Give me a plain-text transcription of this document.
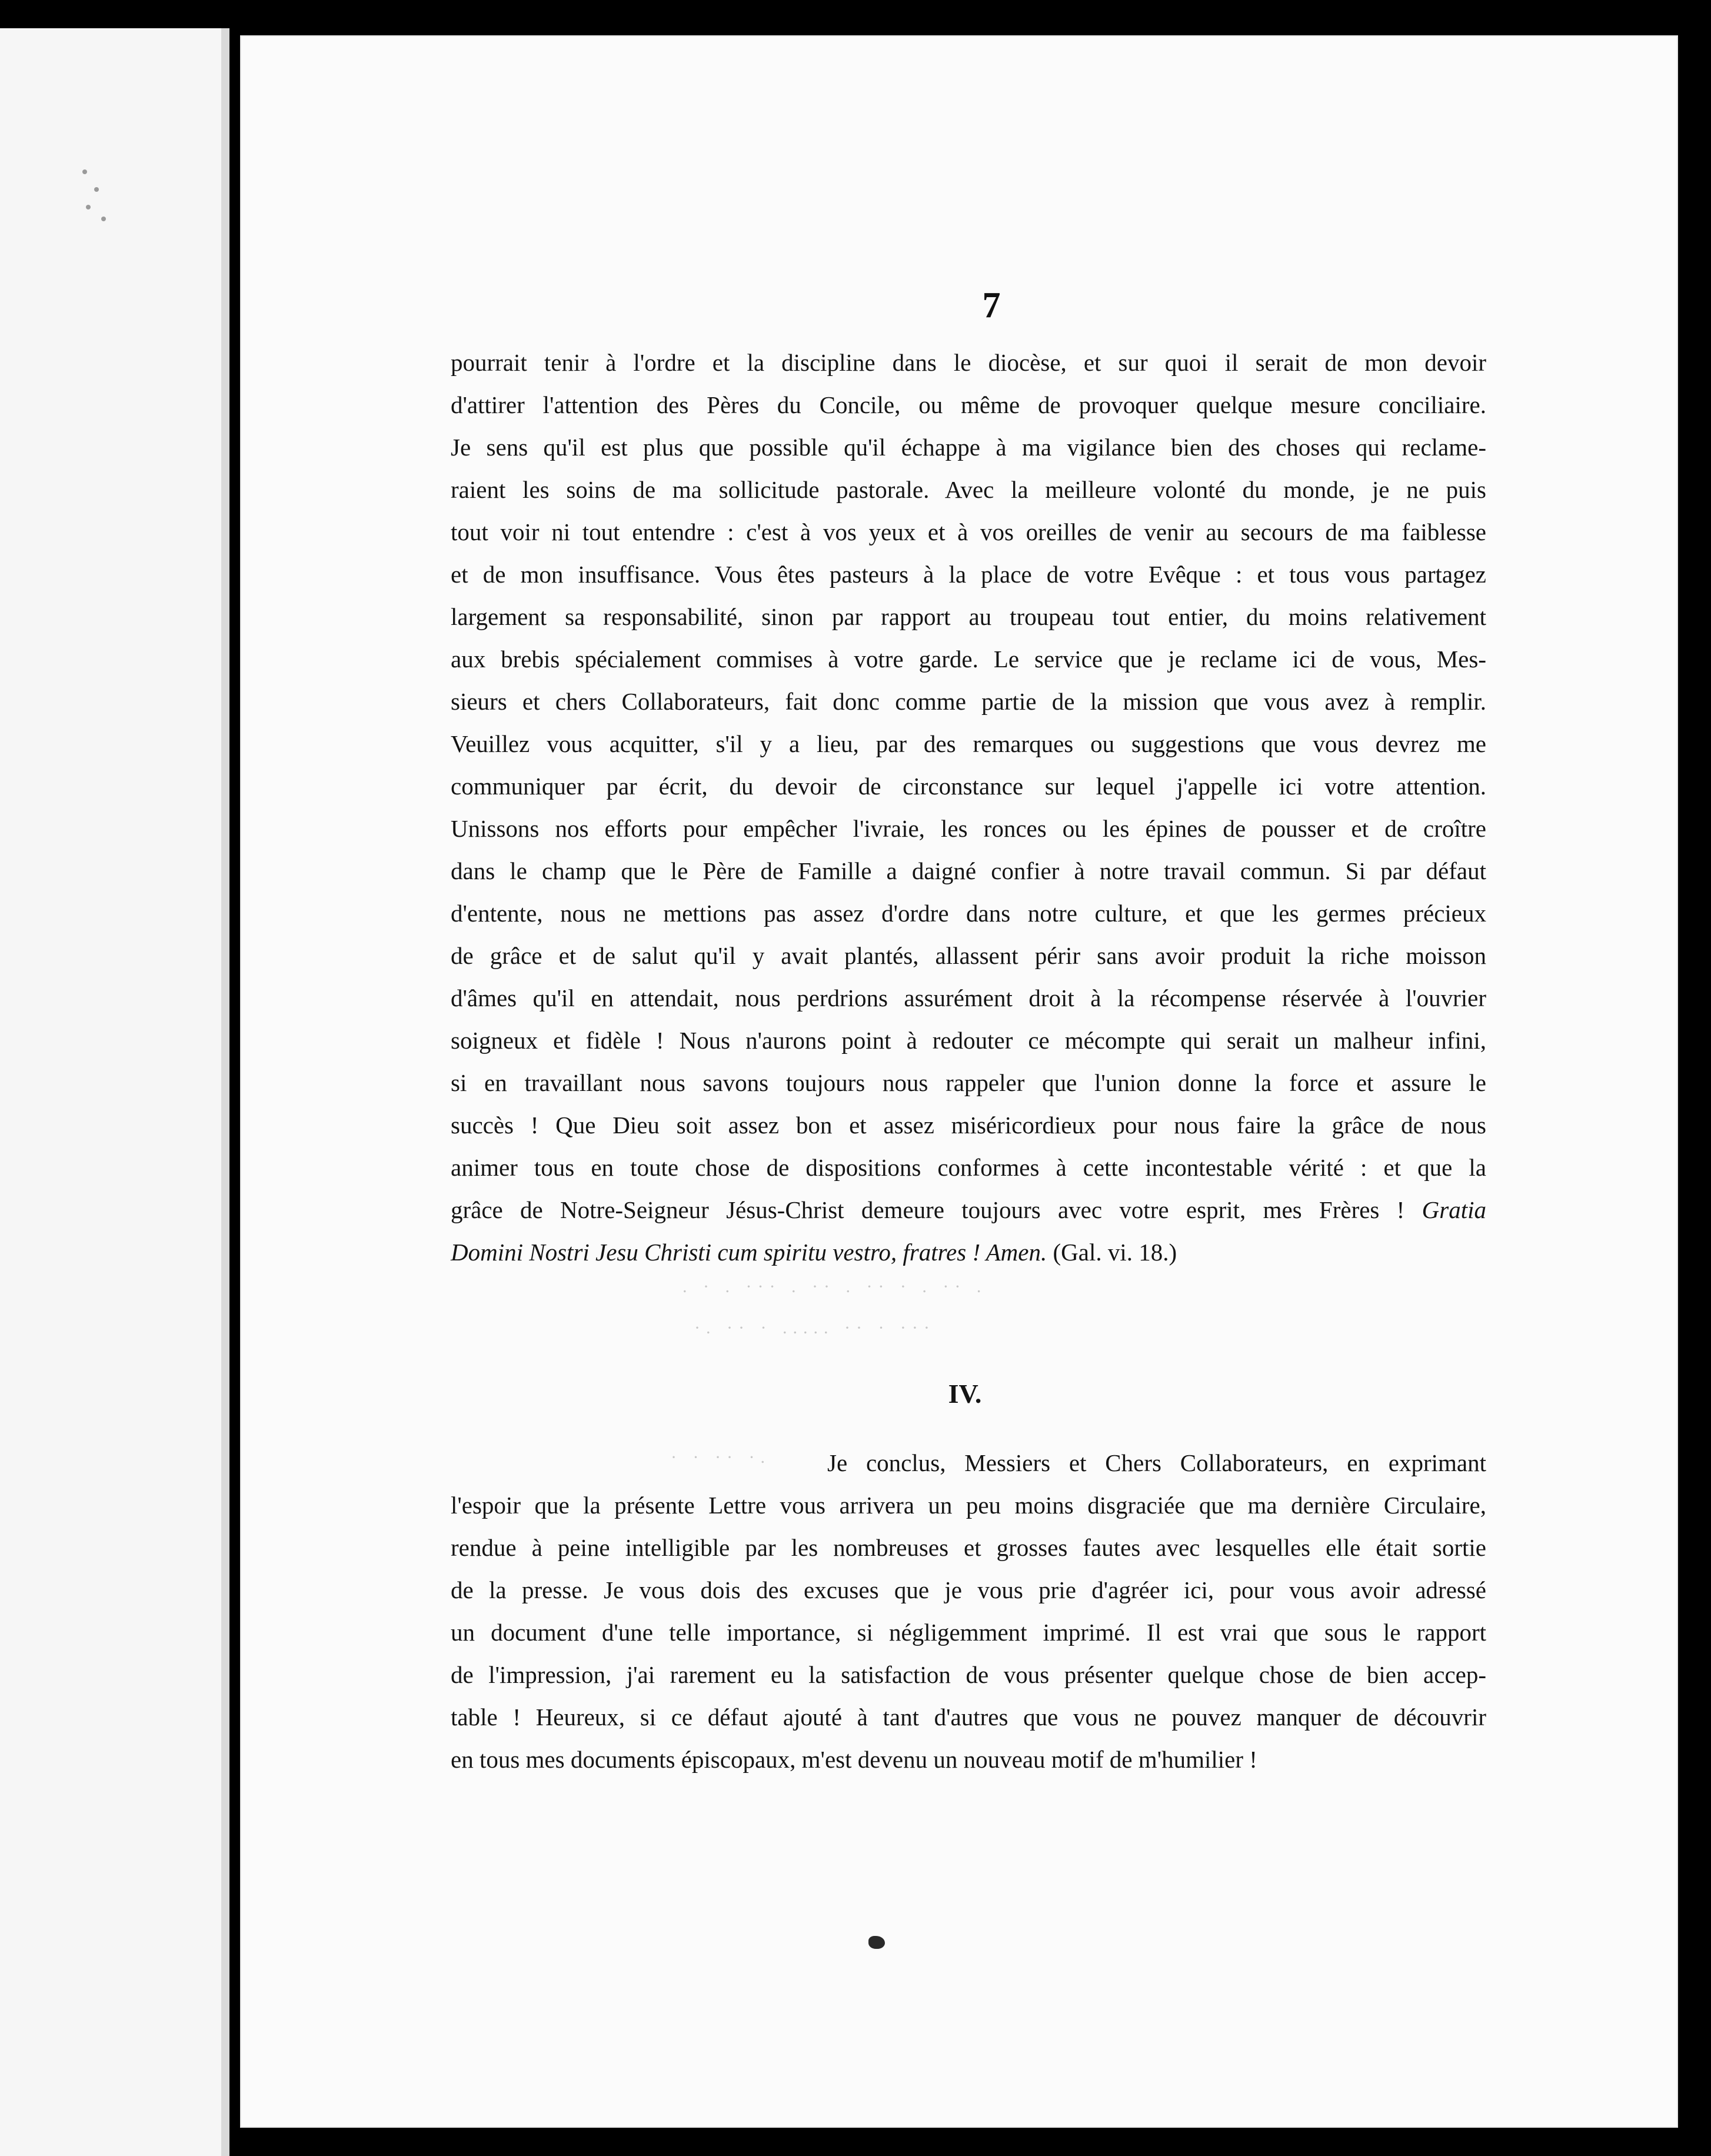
7
pourrait tenir à l'ordre et la discipline dans le diocèse, et sur quoi il serait de mon devoir
d'attirer l'attention des Pères du Concile, ou même de provoquer quelque mesure conciliaire.
Je sens qu'il est plus que possible qu'il échappe à ma vigilance bien des choses qui reclame-
raient les soins de ma sollicitude pastorale. Avec la meilleure volonté du monde, je ne puis
tout voir ni tout entendre : c'est à vos yeux et à vos oreilles de venir au secours de ma faiblesse
et de mon insuffisance. Vous êtes pasteurs à la place de votre Evêque : et tous vous partagez
largement sa responsabilité, sinon par rapport au troupeau tout entier, du moins relativement
aux brebis spécialement commises à votre garde. Le service que je reclame ici de vous, Mes-
sieurs et chers Collaborateurs, fait donc comme partie de la mission que vous avez à remplir.
Veuillez vous acquitter, s'il y a lieu, par des remarques ou suggestions que vous devrez me
communiquer par écrit, du devoir de circonstance sur lequel j'appelle ici votre attention.
Unissons nos efforts pour empêcher l'ivraie, les ronces ou les épines de pousser et de croître
dans le champ que le Père de Famille a daigné confier à notre travail commun. Si par défaut
d'entente, nous ne mettions pas assez d'ordre dans notre culture, et que les germes précieux
de grâce et de salut qu'il y avait plantés, allassent périr sans avoir produit la riche moisson
d'âmes qu'il en attendait, nous perdrions assurément droit à la récompense réservée à l'ouvrier
soigneux et fidèle ! Nous n'aurons point à redouter ce mécompte qui serait un malheur infini,
si en travaillant nous savons toujours nous rappeler que l'union donne la force et assure le
succès ! Que Dieu soit assez bon et assez miséricordieux pour nous faire la grâce de nous
animer tous en toute chose de dispositions conformes à cette incontestable vérité : et que la
grâce de Notre-Seigneur Jésus-Christ demeure toujours avec votre esprit, mes Frères ! Gratia
Domini Nostri Jesu Christi cum spiritu vestro, fratres ! Amen. (Gal. vi. 18.)
. · . ··· . ·· . ·· · . ·· .
·. ·· · ..... ·· · ···
IV.
· · ·· ·.	Je conclus, Messiers et Chers Collaborateurs, en exprimant
l'espoir que la présente Lettre vous arrivera un peu moins disgraciée que ma dernière Circulaire,
rendue à peine intelligible par les nombreuses et grosses fautes avec lesquelles elle était sortie
de la presse. Je vous dois des excuses que je vous prie d'agréer ici, pour vous avoir adressé
un document d'une telle importance, si négligemment imprimé. Il est vrai que sous le rapport
de l'impression, j'ai rarement eu la satisfaction de vous présenter quelque chose de bien accep-
table ! Heureux, si ce défaut ajouté à tant d'autres que vous ne pouvez manquer de découvrir
en tous mes documents épiscopaux, m'est devenu un nouveau motif de m'humilier !
